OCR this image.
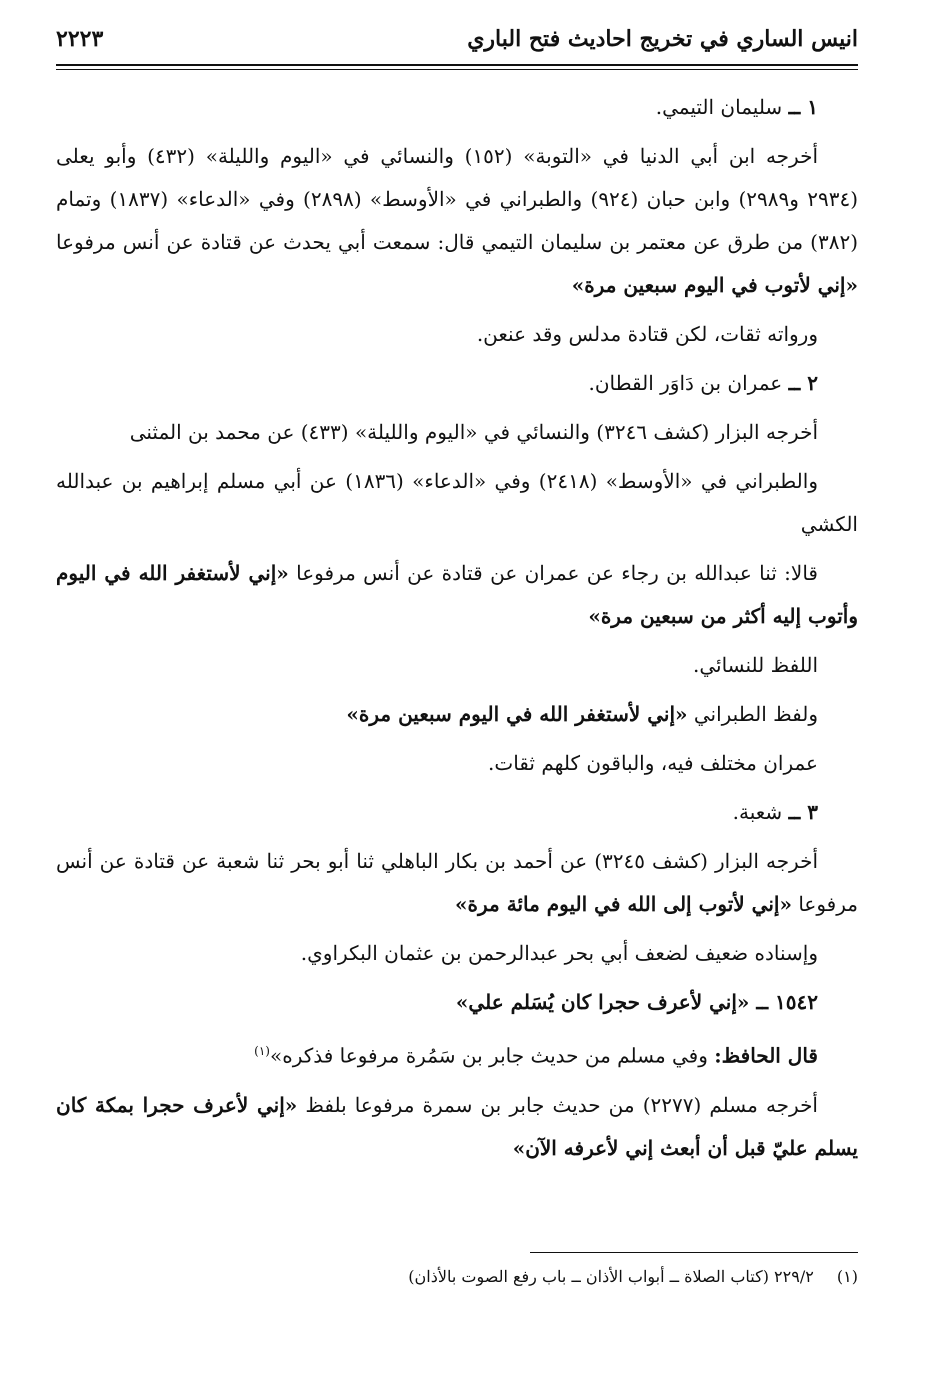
انيس الساري في تخريج احاديث فتح الباري
٢٢٢٣

١ ــ سليمان التيمي.

أخرجه ابن أبي الدنيا في «التوبة» (١٥٢) والنسائي في «اليوم والليلة» (٤٣٢) وأبو يعلى (٢٩٣٤ و٢٩٨٩) وابن حبان (٩٢٤) والطبراني في «الأوسط» (٢٨٩٨) وفي «الدعاء» (١٨٣٧) وتمام (٣٨٢) من طرق عن معتمر بن سليمان التيمي قال: سمعت أبي يحدث عن قتادة عن أنس مرفوعا «إني لأتوب في اليوم سبعين مرة»

ورواته ثقات، لكن قتادة مدلس وقد عنعن.

٢ ــ عمران بن دَاوَر القطان.

أخرجه البزار (كشف ٣٢٤٦) والنسائي في «اليوم والليلة» (٤٣٣) عن محمد بن المثنى

والطبراني في «الأوسط» (٢٤١٨) وفي «الدعاء» (١٨٣٦) عن أبي مسلم إبراهيم بن عبدالله الكشي

قالا: ثنا عبدالله بن رجاء عن عمران عن قتادة عن أنس مرفوعا «إني لأستغفر الله في اليوم وأتوب إليه أكثر من سبعين مرة»

اللفظ للنسائي.

ولفظ الطبراني «إني لأستغفر الله في اليوم سبعين مرة»

عمران مختلف فيه، والباقون كلهم ثقات.

٣ ــ شعبة.

أخرجه البزار (كشف ٣٢٤٥) عن أحمد بن بكار الباهلي ثنا أبو بحر ثنا شعبة عن قتادة عن أنس مرفوعا «إني لأتوب إلى الله في اليوم مائة مرة»

وإسناده ضعيف لضعف أبي بحر عبدالرحمن بن عثمان البكراوي.

١٥٤٢ ــ «إني لأعرف حجرا كان يُسَلم علي»

قال الحافظ: وفي مسلم من حديث جابر بن سَمُرة مرفوعا فذكره»$^{(١)}$

أخرجه مسلم (٢٢٧٧) من حديث جابر بن سمرة مرفوعا بلفظ «إني لأعرف حجرا بمكة كان يسلم عليّ قبل أن أبعث إني لأعرفه الآن»

(١) ٢٢٩/٢ (كتاب الصلاة ــ أبواب الأذان ــ باب رفع الصوت بالأذان)
